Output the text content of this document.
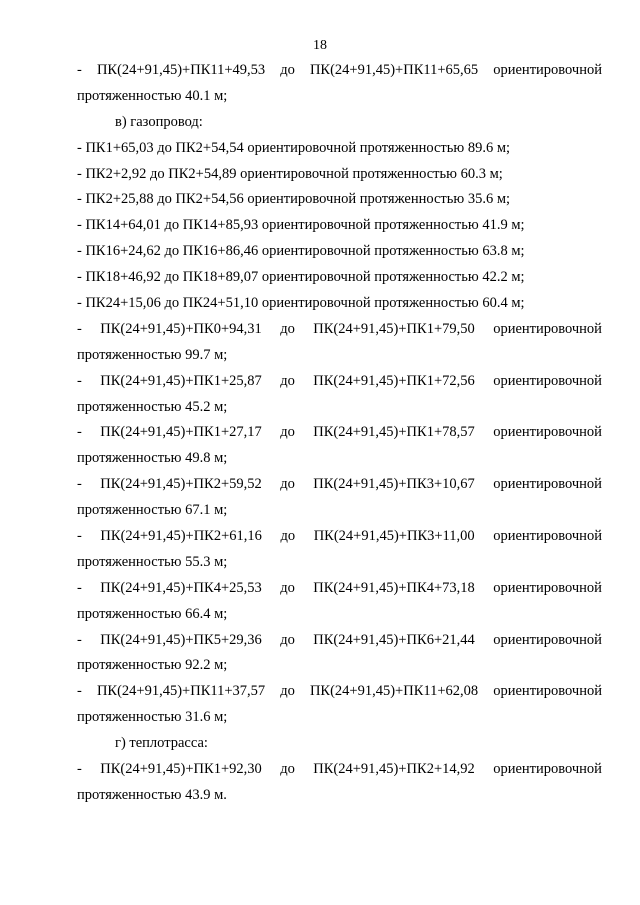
18
- ПК(24+91,45)+ПК11+49,53 до ПК(24+91,45)+ПК11+65,65 ориентировочной
протяженностью 40.1 м;
в) газопровод:
- ПК1+65,03 до ПК2+54,54 ориентировочной протяженностью 89.6 м;
- ПК2+2,92 до ПК2+54,89 ориентировочной протяженностью 60.3 м;
- ПК2+25,88 до ПК2+54,56 ориентировочной протяженностью 35.6 м;
- ПК14+64,01 до ПК14+85,93 ориентировочной протяженностью 41.9 м;
- ПК16+24,62 до ПК16+86,46 ориентировочной протяженностью 63.8 м;
- ПК18+46,92 до ПК18+89,07 ориентировочной протяженностью 42.2 м;
- ПК24+15,06 до ПК24+51,10 ориентировочной протяженностью 60.4 м;
- ПК(24+91,45)+ПК0+94,31 до ПК(24+91,45)+ПК1+79,50 ориентировочной
протяженностью 99.7 м;
- ПК(24+91,45)+ПК1+25,87 до ПК(24+91,45)+ПК1+72,56 ориентировочной
протяженностью 45.2 м;
- ПК(24+91,45)+ПК1+27,17 до ПК(24+91,45)+ПК1+78,57 ориентировочной
протяженностью 49.8 м;
- ПК(24+91,45)+ПК2+59,52 до ПК(24+91,45)+ПК3+10,67 ориентировочной
протяженностью 67.1 м;
- ПК(24+91,45)+ПК2+61,16 до ПК(24+91,45)+ПК3+11,00 ориентировочной
протяженностью 55.3 м;
- ПК(24+91,45)+ПК4+25,53 до ПК(24+91,45)+ПК4+73,18 ориентировочной
протяженностью 66.4 м;
- ПК(24+91,45)+ПК5+29,36 до ПК(24+91,45)+ПК6+21,44 ориентировочной
протяженностью 92.2 м;
- ПК(24+91,45)+ПК11+37,57 до ПК(24+91,45)+ПК11+62,08 ориентировочной
протяженностью 31.6 м;
г) теплотрасса:
- ПК(24+91,45)+ПК1+92,30 до ПК(24+91,45)+ПК2+14,92 ориентировочной
протяженностью 43.9 м.
